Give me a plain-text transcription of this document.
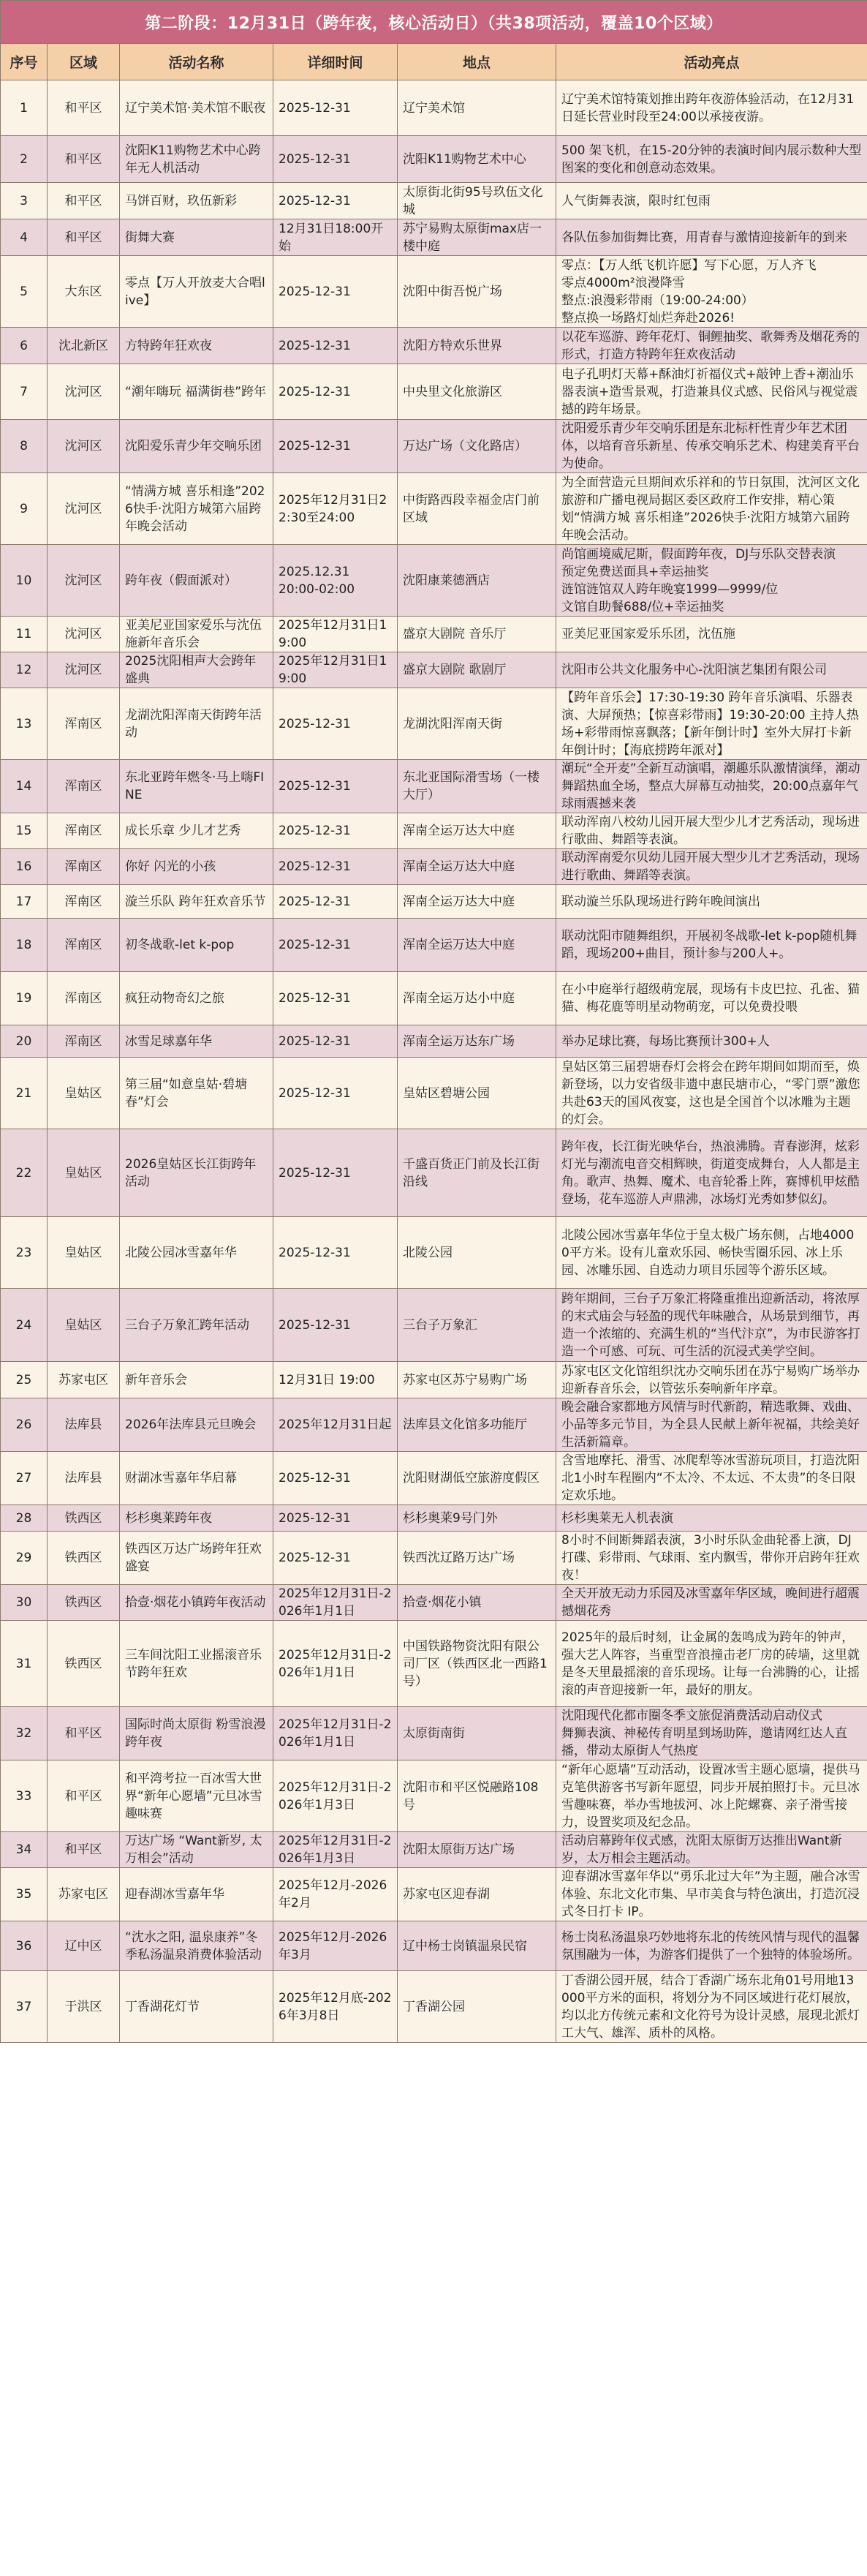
第二阶段：12月31日（跨年夜，核心活动日）（共38项活动，覆盖10个区域）					
序号	区域	活动名称	详细时间	地点	活动亮点

1	和平区	辽宁美术馆·美术馆不眠夜	2025-12-31	辽宁美术馆	辽宁美术馆特策划推出跨年夜游体验活动，在12月31日延长营业时段至24:00以承接夜游。

2	和平区	沈阳K11购物艺术中心跨年无人机活动	2025-12-31	沈阳K11购物艺术中心	500 架飞机，在15-20分钟的表演时间内展示数种大型图案的变化和创意动态效果。

3	和平区	马饼百财，玖伍新彩	2025-12-31	太原街北街95号玖伍文化城	人气街舞表演，限时红包雨

4	和平区	街舞大赛	12月31日18:00开始	苏宁易购太原街max店一楼中庭	各队伍参加街舞比赛，用青春与激情迎接新年的到来

5	大东区	零点【万人开放麦大合唱live】	2025-12-31	沈阳中街吾悦广场	零点：【万人纸飞机许愿】写下心愿，万人齐飞
零点4000m²浪漫降雪
整点:浪漫彩带雨（19:00-24:00）
整点换一场路灯灿烂奔赴2026!

6	沈北新区	方特跨年狂欢夜	2025-12-31	沈阳方特欢乐世界	以花车巡游、跨年花灯、铜鲤抽奖、歌舞秀及烟花秀的形式，打造方特跨年狂欢夜活动

7	沈河区	“潮年嗨玩 福满街巷”跨年	2025-12-31	中央里文化旅游区	电子孔明灯天幕+酥油灯祈福仪式+敲钟上香+潮汕乐器表演+造雪景观，打造兼具仪式感、民俗风与视觉震撼的跨年场景。

8	沈河区	沈阳爱乐青少年交响乐团	2025-12-31	万达广场（文化路店）	沈阳爱乐青少年交响乐团是东北标杆性青少年艺术团体，以培育音乐新星、传承交响乐艺术、构建美育平台为使命。

9	沈河区	“情满方城 喜乐相逢”2026快手·沈阳方城第六届跨年晚会活动	2025年12月31日22:30至24:00	中街路西段幸福金店门前区域	为全面营造元旦期间欢乐祥和的节日氛围，沈河区文化旅游和广播电视局据区委区政府工作安排，精心策划“情满方城 喜乐相逢”2026快手·沈阳方城第六届跨年晚会活动。

10	沈河区	跨年夜（假面派对）	2025.12.31
20:00-02:00	沈阳康莱德酒店	尚馆画境威尼斯，假面跨年夜，DJ与乐队交替表演
预定免费送面具+幸运抽奖
涟馆涟馆双人跨年晚宴1999—9999/位
文馆自助餐688/位+幸运抽奖

11	沈河区	亚美尼亚国家爱乐与沈伍施新年音乐会	2025年12月31日19:00	盛京大剧院 音乐厅	亚美尼亚国家爱乐乐团，沈伍施

12	沈河区	2025沈阳相声大会跨年盛典	2025年12月31日19:00	盛京大剧院 歌剧厅	沈阳市公共文化服务中心-沈阳演艺集团有限公司

13	浑南区	龙湖沈阳浑南天街跨年活动	2025-12-31	龙湖沈阳浑南天街	【跨年音乐会】17:30-19:30 跨年音乐演唱、乐器表演、大屏预热；【惊喜彩带雨】19:30-20:00 主持人热场+彩带雨惊喜飘落；【新年倒计时】室外大屏打卡新年倒计时；【海底捞跨年派对】

14	浑南区	东北亚跨年燃冬·马上嗨FINE	2025-12-31	东北亚国际滑雪场（一楼大厅）	潮玩“全开麦”全新互动演唱，潮趣乐队激情演绎，潮动舞蹈热血全场，整点大屏幕互动抽奖，20:00点嘉年气球雨震撼来袭

15	浑南区	成长乐章 少儿才艺秀	2025-12-31	浑南全运万达大中庭	联动浑南八校幼儿园开展大型少儿才艺秀活动，现场进行歌曲、舞蹈等表演。

16	浑南区	你好 闪光的小孩	2025-12-31	浑南全运万达大中庭	联动浑南爱尔贝幼儿园开展大型少儿才艺秀活动，现场进行歌曲、舞蹈等表演。

17	浑南区	漩兰乐队 跨年狂欢音乐节	2025-12-31	浑南全运万达大中庭	联动漩兰乐队现场进行跨年晚间演出

18	浑南区	初冬战歌-let k-pop	2025-12-31	浑南全运万达大中庭	联动沈阳市随舞组织，开展初冬战歌-let k-pop随机舞蹈，现场200+曲目，预计参与200人+。

19	浑南区	疯狂动物奇幻之旅	2025-12-31	浑南全运万达小中庭	在小中庭举行超级萌宠展，现场有卡皮巴拉、孔雀、猫猫、梅花鹿等明星动物萌宠，可以免费投喂

20	浑南区	冰雪足球嘉年华	2025-12-31	浑南全运万达东广场	举办足球比赛，每场比赛预计300+人

21	皇姑区	第三届“如意皇姑·碧塘春”灯会	2025-12-31	皇姑区碧塘公园	皇姑区第三届碧塘春灯会将会在跨年期间如期而至，焕新登场，以力安省级非遗中惠民塘市心，“零门票”激您共赴63天的国风夜宴，这也是全国首个以冰雕为主题的灯会。

22	皇姑区	2026皇姑区长江街跨年活动	2025-12-31	千盛百货正门前及长江街沿线	跨年夜，长江街光映华台，热浪沸腾。青春澎湃，炫彩灯光与潮流电音交相辉映，街道变成舞台，人人都是主角。歌声、热舞、魔术、电音轮番上阵，赛博机甲炫酷登场，花车巡游人声鼎沸，冰场灯光秀如梦似幻。

23	皇姑区	北陵公园冰雪嘉年华	2025-12-31	北陵公园	北陵公园冰雪嘉年华位于皇太极广场东侧，占地40000平方米。设有儿童欢乐园、畅快雪圈乐园、冰上乐园、冰雕乐园、自选动力项目乐园等个游乐区域。

24	皇姑区	三台子万象汇跨年活动	2025-12-31	三台子万象汇	跨年期间，三台子万象汇将隆重推出迎新活动，将浓厚的末式庙会与轻盈的现代年味融合，从场景到细节，再造一个浓缩的、充满生机的“当代汴京”，为市民游客打造一个可感、可玩、可生活的沉浸式美学空间。

25	苏家屯区	新年音乐会	12月31日 19:00	苏家屯区苏宁易购广场	苏家屯区文化馆组织沈办交响乐团在苏宁易购广场举办迎新春音乐会，以管弦乐奏响新年序章。

26	法库县	2026年法库县元旦晚会	2025年12月31日起	法库县文化馆多功能厅	晚会融合家都地方风情与时代新韵，精选歌舞、戏曲、小品等多元节目，为全县人民献上新年祝福，共绘美好生活新篇章。

27	法库县	财湖冰雪嘉年华启幕	2025-12-31	沈阳财湖低空旅游度假区	含雪地摩托、滑雪、冰爬犁等冰雪游玩项目，打造沈阳北1小时车程圈内“不太冷、不太远、不太贵”的冬日限定欢乐地。

28	铁西区	杉杉奥莱跨年夜	2025-12-31	杉杉奥莱9号门外	杉杉奥莱无人机表演

29	铁西区	铁西区万达广场跨年狂欢盛宴	2025-12-31	铁西沈辽路万达广场	8小时不间断舞蹈表演，3小时乐队金曲轮番上演，DJ打碟、彩带雨、气球雨、室内飘雪，带你开启跨年狂欢夜！

30	铁西区	拾壹·烟花小镇跨年夜活动	2025年12月31日-2026年1月1日	拾壹·烟花小镇	全天开放无动力乐园及冰雪嘉年华区域，晚间进行超震撼烟花秀

31	铁西区	三车间沈阳工业摇滚音乐节跨年狂欢	2025年12月31日-2026年1月1日	中国铁路物资沈阳有限公司厂区（铁西区北一西路1号）	2025年的最后时刻，让金属的轰鸣成为跨年的钟声，强大艺人阵容，当重型音浪撞击老厂房的砖墙，这里就是冬天里最摇滚的音乐现场。让每一台沸腾的心，让摇滚的声音迎接新一年，最好的朋友。

32	和平区	国际时尚太原街 粉雪浪漫跨年夜	2025年12月31日-2026年1月1日	太原街南街	沈阳现代化都市圈冬季文旅促消费活动启动仪式
舞狮表演、神秘传育明星到场助阵，邀请网红达人直播，带动太原街人气热度

33	和平区	和平湾考拉一百冰雪大世界“新年心愿墙”元旦冰雪趣味赛	2025年12月31日-2026年1月3日	沈阳市和平区悦融路108号	“新年心愿墙”互动活动，设置冰雪主题心愿墙，提供马克笔供游客书写新年愿望，同步开展拍照打卡。元旦冰雪趣味赛，举办雪地拔河、冰上陀螺赛、亲子滑雪接力，设置奖项及纪念品。

34	和平区	万达广场 “Want新岁, 太万相会”活动	2025年12月31日-2026年1月3日	沈阳太原街万达广场	活动启幕跨年仪式感，沈阳太原街万达推出Want新岁，太万相会主题活动。

35	苏家屯区	迎春湖冰雪嘉年华	2025年12月-2026年2月	苏家屯区迎春湖	迎春湖冰雪嘉年华以“勇乐北过大年”为主题，融合冰雪体验、东北文化市集、早市美食与特色演出，打造沉浸式冬日打卡 IP。

36	辽中区	“沈水之阳, 温泉康养”冬季私汤温泉消费体验活动	2025年12月-2026年3月	辽中杨士岗镇温泉民宿	杨士岗私汤温泉巧妙地将东北的传统风情与现代的温馨氛围融为一体，为游客们提供了一个独特的体验场所。

37	于洪区	丁香湖花灯节	2025年12月底-2026年3月8日	丁香湖公园	丁香湖公园开展，结合丁香湖广场东北角01号用地13000平方米的面积，将划分为不同区域进行花灯展放，均以北方传统元素和文化符号为设计灵感，展现北派灯工大气、雄浑、质朴的风格。
